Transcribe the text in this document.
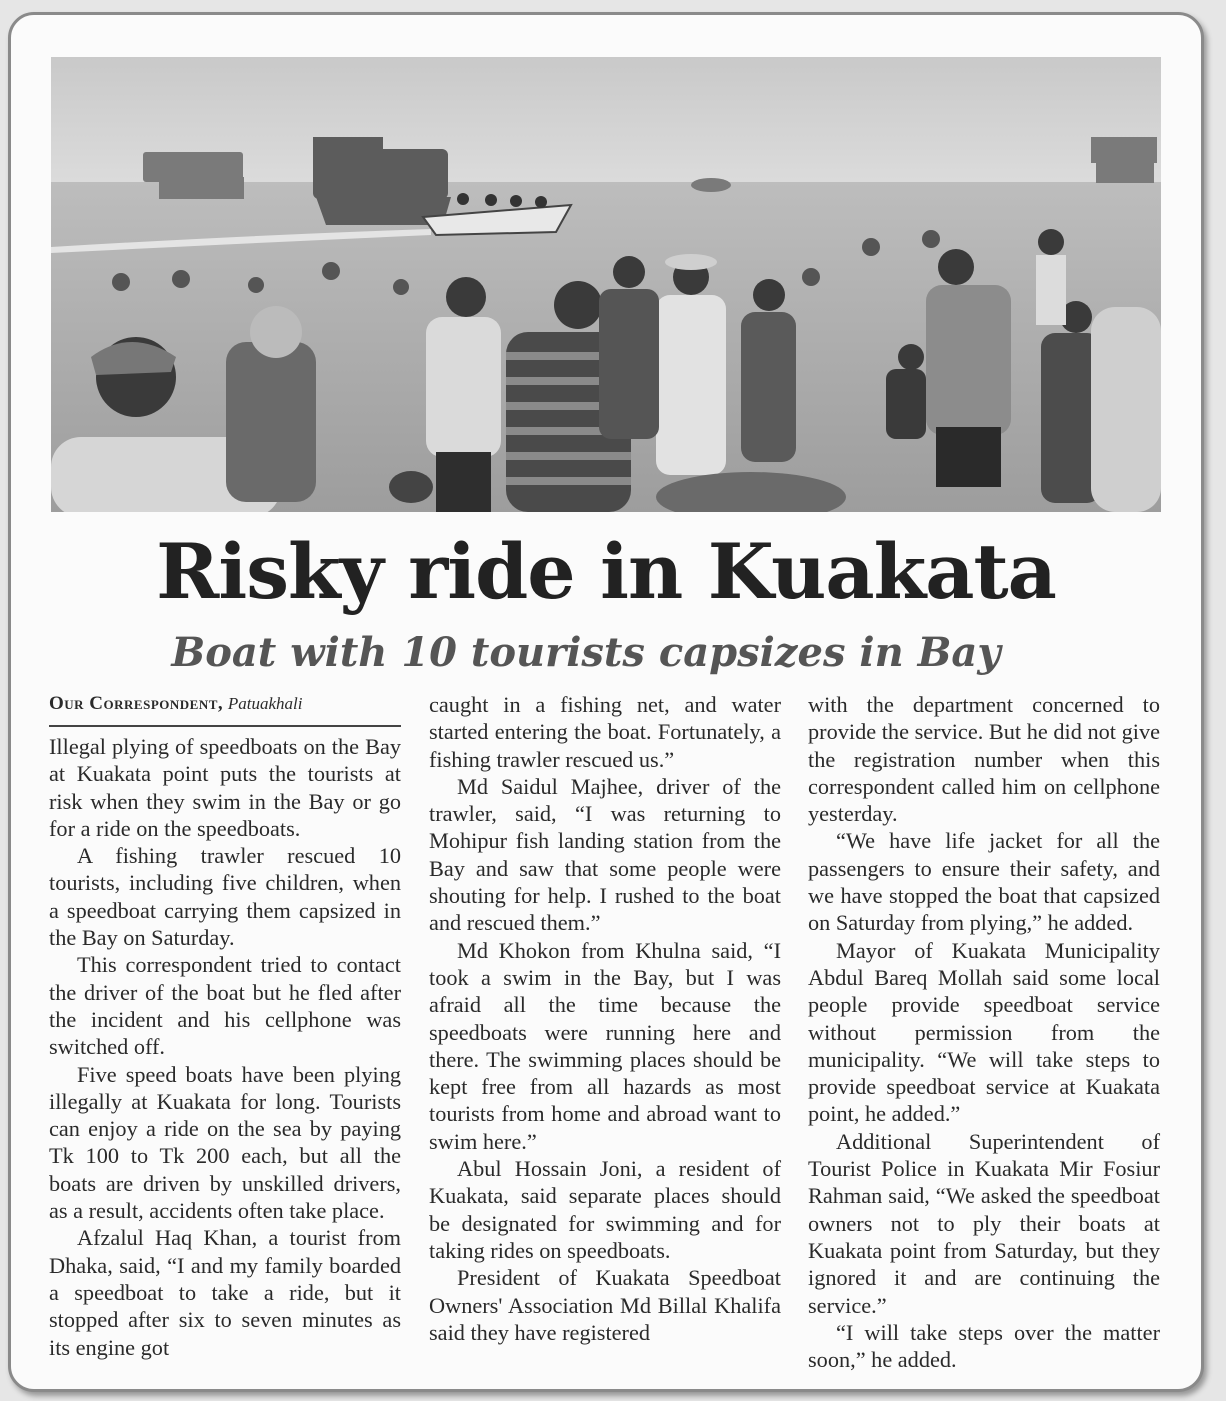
Risky ride in Kuakata
Boat with 10 tourists capsizes in Bay
Our Correspondent, Patuakhali

Illegal plying of speedboats on the Bay at Kuakata point puts the tourists at risk when they swim in the Bay or go for a ride on the speedboats.

A fishing trawler rescued 10 tourists, including five children, when a speedboat carrying them capsized in the Bay on Saturday.

This correspondent tried to contact the driver of the boat but he fled after the incident and his cellphone was switched off.

Five speed boats have been plying illegally at Kuakata for long. Tourists can enjoy a ride on the sea by paying Tk 100 to Tk 200 each, but all the boats are driven by unskilled drivers, as a result, accidents often take place.

Afzalul Haq Khan, a tourist from Dhaka, said, “I and my family boarded a speedboat to take a ride, but it stopped after six to seven minutes as its engine got

caught in a fishing net, and water started entering the boat. Fortunately, a fishing trawler rescued us.”

Md Saidul Majhee, driver of the trawler, said, “I was returning to Mohipur fish landing station from the Bay and saw that some people were shouting for help. I rushed to the boat and rescued them.”

Md Khokon from Khulna said, “I took a swim in the Bay, but I was afraid all the time because the speedboats were running here and there. The swimming places should be kept free from all hazards as most tourists from home and abroad want to swim here.”

Abul Hossain Joni, a resident of Kuakata, said separate places should be designated for swimming and for taking rides on speedboats.

President of Kuakata Speedboat Owners' Association Md Billal Khalifa said they have registered

with the department concerned to provide the service. But he did not give the registration number when this correspondent called him on cellphone yesterday.

“We have life jacket for all the passengers to ensure their safety, and we have stopped the boat that capsized on Saturday from plying,” he added.

Mayor of Kuakata Municipality Abdul Bareq Mollah said some local people provide speedboat service without permission from the municipality. “We will take steps to provide speedboat service at Kuakata point, he added.”

Additional Superintendent of Tourist Police in Kuakata Mir Fosiur Rahman said, “We asked the speedboat owners not to ply their boats at Kuakata point from Saturday, but they ignored it and are continuing the service.”

“I will take steps over the matter soon,” he added.
